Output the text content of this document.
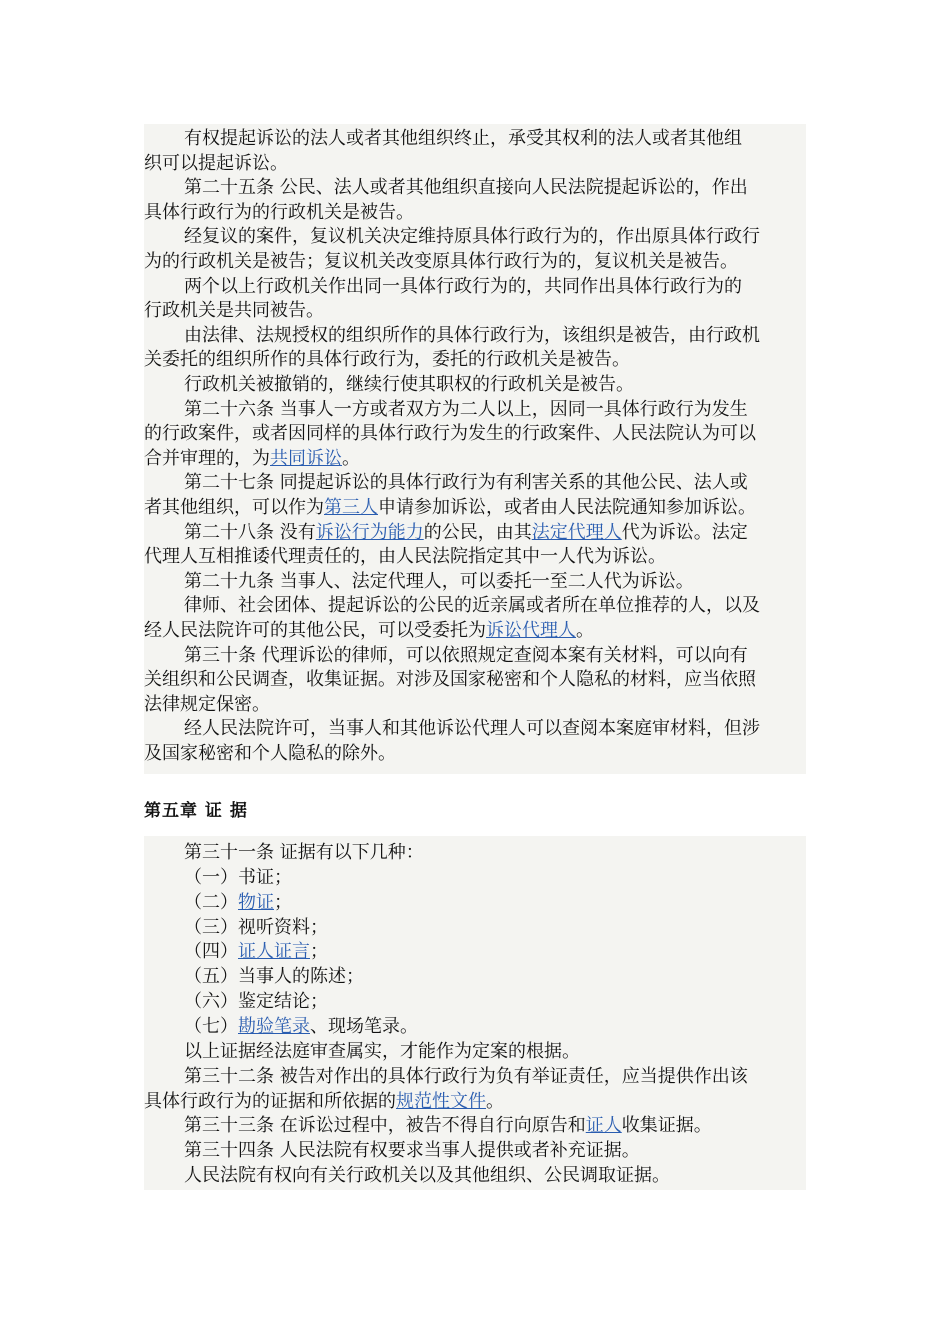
有权提起诉讼的法人或者其他组织终止，承受其权利的法人或者其他组
织可以提起诉讼。
第二十五条 公民、法人或者其他组织直接向人民法院提起诉讼的，作出
具体行政行为的行政机关是被告。
经复议的案件，复议机关决定维持原具体行政行为的，作出原具体行政行
为的行政机关是被告；复议机关改变原具体行政行为的，复议机关是被告。
两个以上行政机关作出同一具体行政行为的，共同作出具体行政行为的
行政机关是共同被告。
由法律、法规授权的组织所作的具体行政行为，该组织是被告，由行政机
关委托的组织所作的具体行政行为，委托的行政机关是被告。
行政机关被撤销的，继续行使其职权的行政机关是被告。
第二十六条 当事人一方或者双方为二人以上，因同一具体行政行为发生
的行政案件，或者因同样的具体行政行为发生的行政案件、人民法院认为可以
合并审理的，为共同诉讼。
第二十七条 同提起诉讼的具体行政行为有利害关系的其他公民、法人或
者其他组织，可以作为第三人申请参加诉讼，或者由人民法院通知参加诉讼。
第二十八条 没有诉讼行为能力的公民，由其法定代理人代为诉讼。法定
代理人互相推诿代理责任的，由人民法院指定其中一人代为诉讼。
第二十九条 当事人、法定代理人，可以委托一至二人代为诉讼。
律师、社会团体、提起诉讼的公民的近亲属或者所在单位推荐的人，以及
经人民法院许可的其他公民，可以受委托为诉讼代理人。
第三十条 代理诉讼的律师，可以依照规定查阅本案有关材料，可以向有
关组织和公民调查，收集证据。对涉及国家秘密和个人隐私的材料，应当依照
法律规定保密。
经人民法院许可，当事人和其他诉讼代理人可以查阅本案庭审材料，但涉
及国家秘密和个人隐私的除外。
第五章 证 据
第三十一条 证据有以下几种：
（一）书证；
（二）物证；
（三）视听资料；
（四）证人证言；
（五）当事人的陈述；
（六）鉴定结论；
（七）勘验笔录、现场笔录。
以上证据经法庭审查属实，才能作为定案的根据。
第三十二条 被告对作出的具体行政行为负有举证责任，应当提供作出该
具体行政行为的证据和所依据的规范性文件。
第三十三条 在诉讼过程中，被告不得自行向原告和证人收集证据。
第三十四条 人民法院有权要求当事人提供或者补充证据。
人民法院有权向有关行政机关以及其他组织、公民调取证据。
